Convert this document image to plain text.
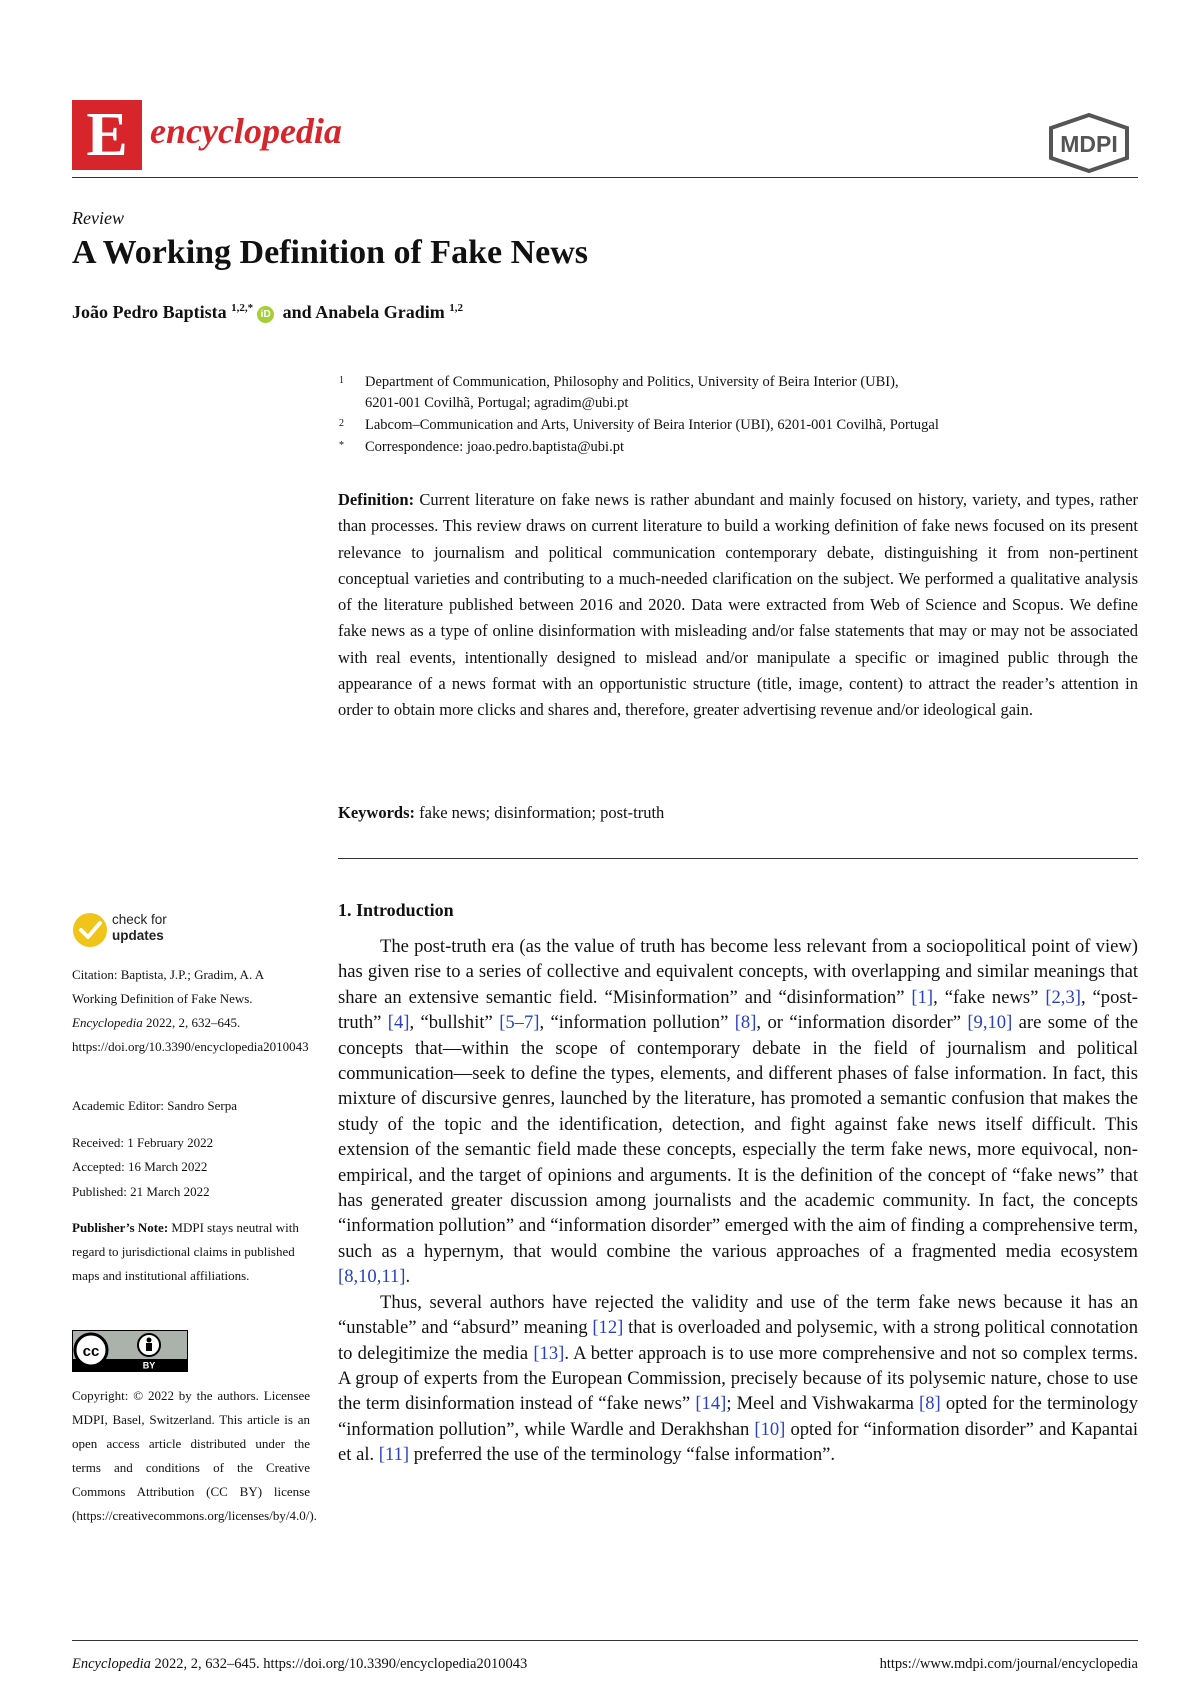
E encyclopedia	MDPI
Review
A Working Definition of Fake News
João Pedro Baptista $^{1,2,*}$iD and Anabela Gradim $^{1,2}$
1 Department of Communication, Philosophy and Politics, University of Beira Interior (UBI),
6201-001 Covilhã, Portugal; agradim@ubi.pt
2 Labcom–Communication and Arts, University of Beira Interior (UBI), 6201-001 Covilhã, Portugal
* Correspondence: joao.pedro.baptista@ubi.pt
Definition: Current literature on fake news is rather abundant and mainly focused on history, variety, and types, rather than processes. This review draws on current literature to build a working definition of fake news focused on its present relevance to journalism and political communication contemporary debate, distinguishing it from non-pertinent conceptual varieties and contributing to a much-needed clarification on the subject. We performed a qualitative analysis of the literature published between 2016 and 2020. Data were extracted from Web of Science and Scopus. We define fake news as a type of online disinformation with misleading and/or false statements that may or may not be associated with real events, intentionally designed to mislead and/or manipulate a specific or imagined public through the appearance of a news format with an opportunistic structure (title, image, content) to attract the reader’s attention in order to obtain more clicks and shares and, therefore, greater advertising revenue and/or ideological gain.
Keywords: fake news; disinformation; post-truth
1. Introduction

The post-truth era (as the value of truth has become less relevant from a sociopolitical point of view) has given rise to a series of collective and equivalent concepts, with overlapping and similar meanings that share an extensive semantic field. “Misinformation” and “disinformation” [1], “fake news” [2,3], “post-truth” [4], “bullshit” [5–7], “information pollution” [8], or “information disorder” [9,10] are some of the concepts that—within the scope of contemporary debate in the field of journalism and political communication—seek to define the types, elements, and different phases of false information. In fact, this mixture of discursive genres, launched by the literature, has promoted a semantic confusion that makes the study of the topic and the identification, detection, and fight against fake news itself difficult. This extension of the semantic field made these concepts, especially the term fake news, more equivocal, non-empirical, and the target of opinions and arguments. It is the definition of the concept of “fake news” that has generated greater discussion among journalists and the academic community. In fact, the concepts “information pollution” and “information disorder” emerged with the aim of finding a comprehensive term, such as a hypernym, that would combine the various approaches of a fragmented media ecosystem [8,10,11].

Thus, several authors have rejected the validity and use of the term fake news because it has an “unstable” and “absurd” meaning [12] that is overloaded and polysemic, with a strong political connotation to delegitimize the media [13]. A better approach is to use more comprehensive and not so complex terms. A group of experts from the European Commission, precisely because of its polysemic nature, chose to use the term disinformation instead of “fake news” [14]; Meel and Vishwakarma [8] opted for the terminology “information pollution”, while Wardle and Derakhshan [10] opted for “information disorder” and Kapantai et al. [11] preferred the use of the terminology “false information”.

check for
updates
Citation: Baptista, J.P.; Gradim, A. A Working Definition of Fake News. Encyclopedia 2022, 2, 632–645. https://doi.org/10.3390/encyclopedia2010043
Academic Editor: Sandro Serpa
Received: 1 February 2022
Accepted: 16 March 2022
Published: 21 March 2022
Publisher’s Note: MDPI stays neutral with regard to jurisdictional claims in published maps and institutional affiliations.
cc
BY
Copyright: © 2022 by the authors. Licensee MDPI, Basel, Switzerland. This article is an open access article distributed under the terms and conditions of the Creative Commons Attribution (CC BY) license (https://creativecommons.org/licenses/by/4.0/).
Encyclopedia 2022, 2, 632–645. https://doi.org/10.3390/encyclopedia2010043	https://www.mdpi.com/journal/encyclopedia
